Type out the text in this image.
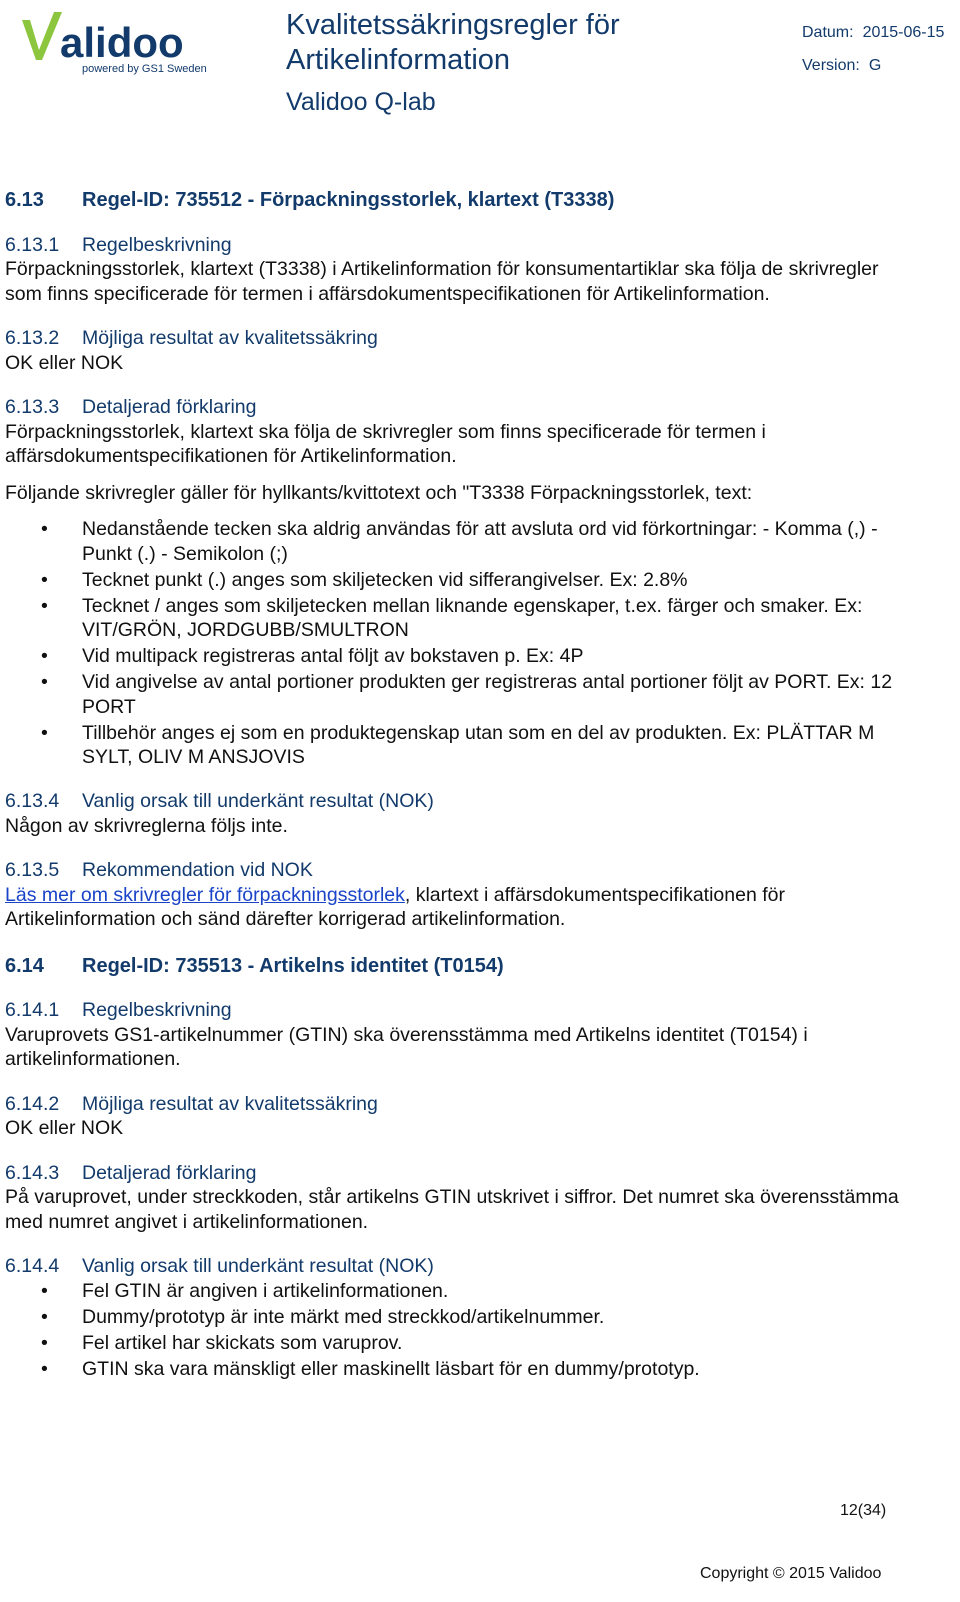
alidoo
powered by GS1 Sweden
Kvalitetssäkringsregler för
Artikelinformation
Validoo Q-lab
Datum: 2015-06-15
Version: G
6.13 Regel-ID: 735512 - Förpackningsstorlek, klartext (T3338)
6.13.1 Regelbeskrivning

Förpackningsstorlek, klartext (T3338) i Artikelinformation för konsumentartiklar ska följa de skrivregler som finns specificerade för termen i affärsdokumentspecifikationen för Artikelinformation.

6.13.2 Möjliga resultat av kvalitetssäkring

OK eller NOK

6.13.3 Detaljerad förklaring

Förpackningsstorlek, klartext ska följa de skrivregler som finns specificerade för termen i affärsdokumentspecifikationen för Artikelinformation.

Följande skrivregler gäller för hyllkants/kvittotext och "T3338 Förpackningsstorlek, text:

• Nedanstående tecken ska aldrig användas för att avsluta ord vid förkortningar: - Komma (,) - Punkt (.) - Semikolon (;)
• Tecknet punkt (.) anges som skiljetecken vid sifferangivelser. Ex: 2.8%
• Tecknet / anges som skiljetecken mellan liknande egenskaper, t.ex. färger och smaker. Ex: VIT/GRÖN, JORDGUBB/SMULTRON
• Vid multipack registreras antal följt av bokstaven p. Ex: 4P
• Vid angivelse av antal portioner produkten ger registreras antal portioner följt av PORT. Ex: 12 PORT
• Tillbehör anges ej som en produktegenskap utan som en del av produkten. Ex: PLÄTTAR M SYLT, OLIV M ANSJOVIS
6.13.4 Vanlig orsak till underkänt resultat (NOK)

Någon av skrivreglerna följs inte.

6.13.5 Rekommendation vid NOK

Läs mer om skrivregler för förpackningsstorlek, klartext i affärsdokumentspecifikationen för Artikelinformation och sänd därefter korrigerad artikelinformation.

6.14 Regel-ID: 735513 - Artikelns identitet (T0154)
6.14.1 Regelbeskrivning

Varuprovets GS1-artikelnummer (GTIN) ska överensstämma med Artikelns identitet (T0154) i artikelinformationen.

6.14.2 Möjliga resultat av kvalitetssäkring

OK eller NOK

6.14.3 Detaljerad förklaring

På varuprovet, under streckkoden, står artikelns GTIN utskrivet i siffror. Det numret ska överensstämma med numret angivet i artikelinformationen.

6.14.4 Vanlig orsak till underkänt resultat (NOK)
• Fel GTIN är angiven i artikelinformationen.
• Dummy/prototyp är inte märkt med streckkod/artikelnummer.
• Fel artikel har skickats som varuprov.
• GTIN ska vara mänskligt eller maskinellt läsbart för en dummy/prototyp.
12(34)
Copyright © 2015 Validoo
